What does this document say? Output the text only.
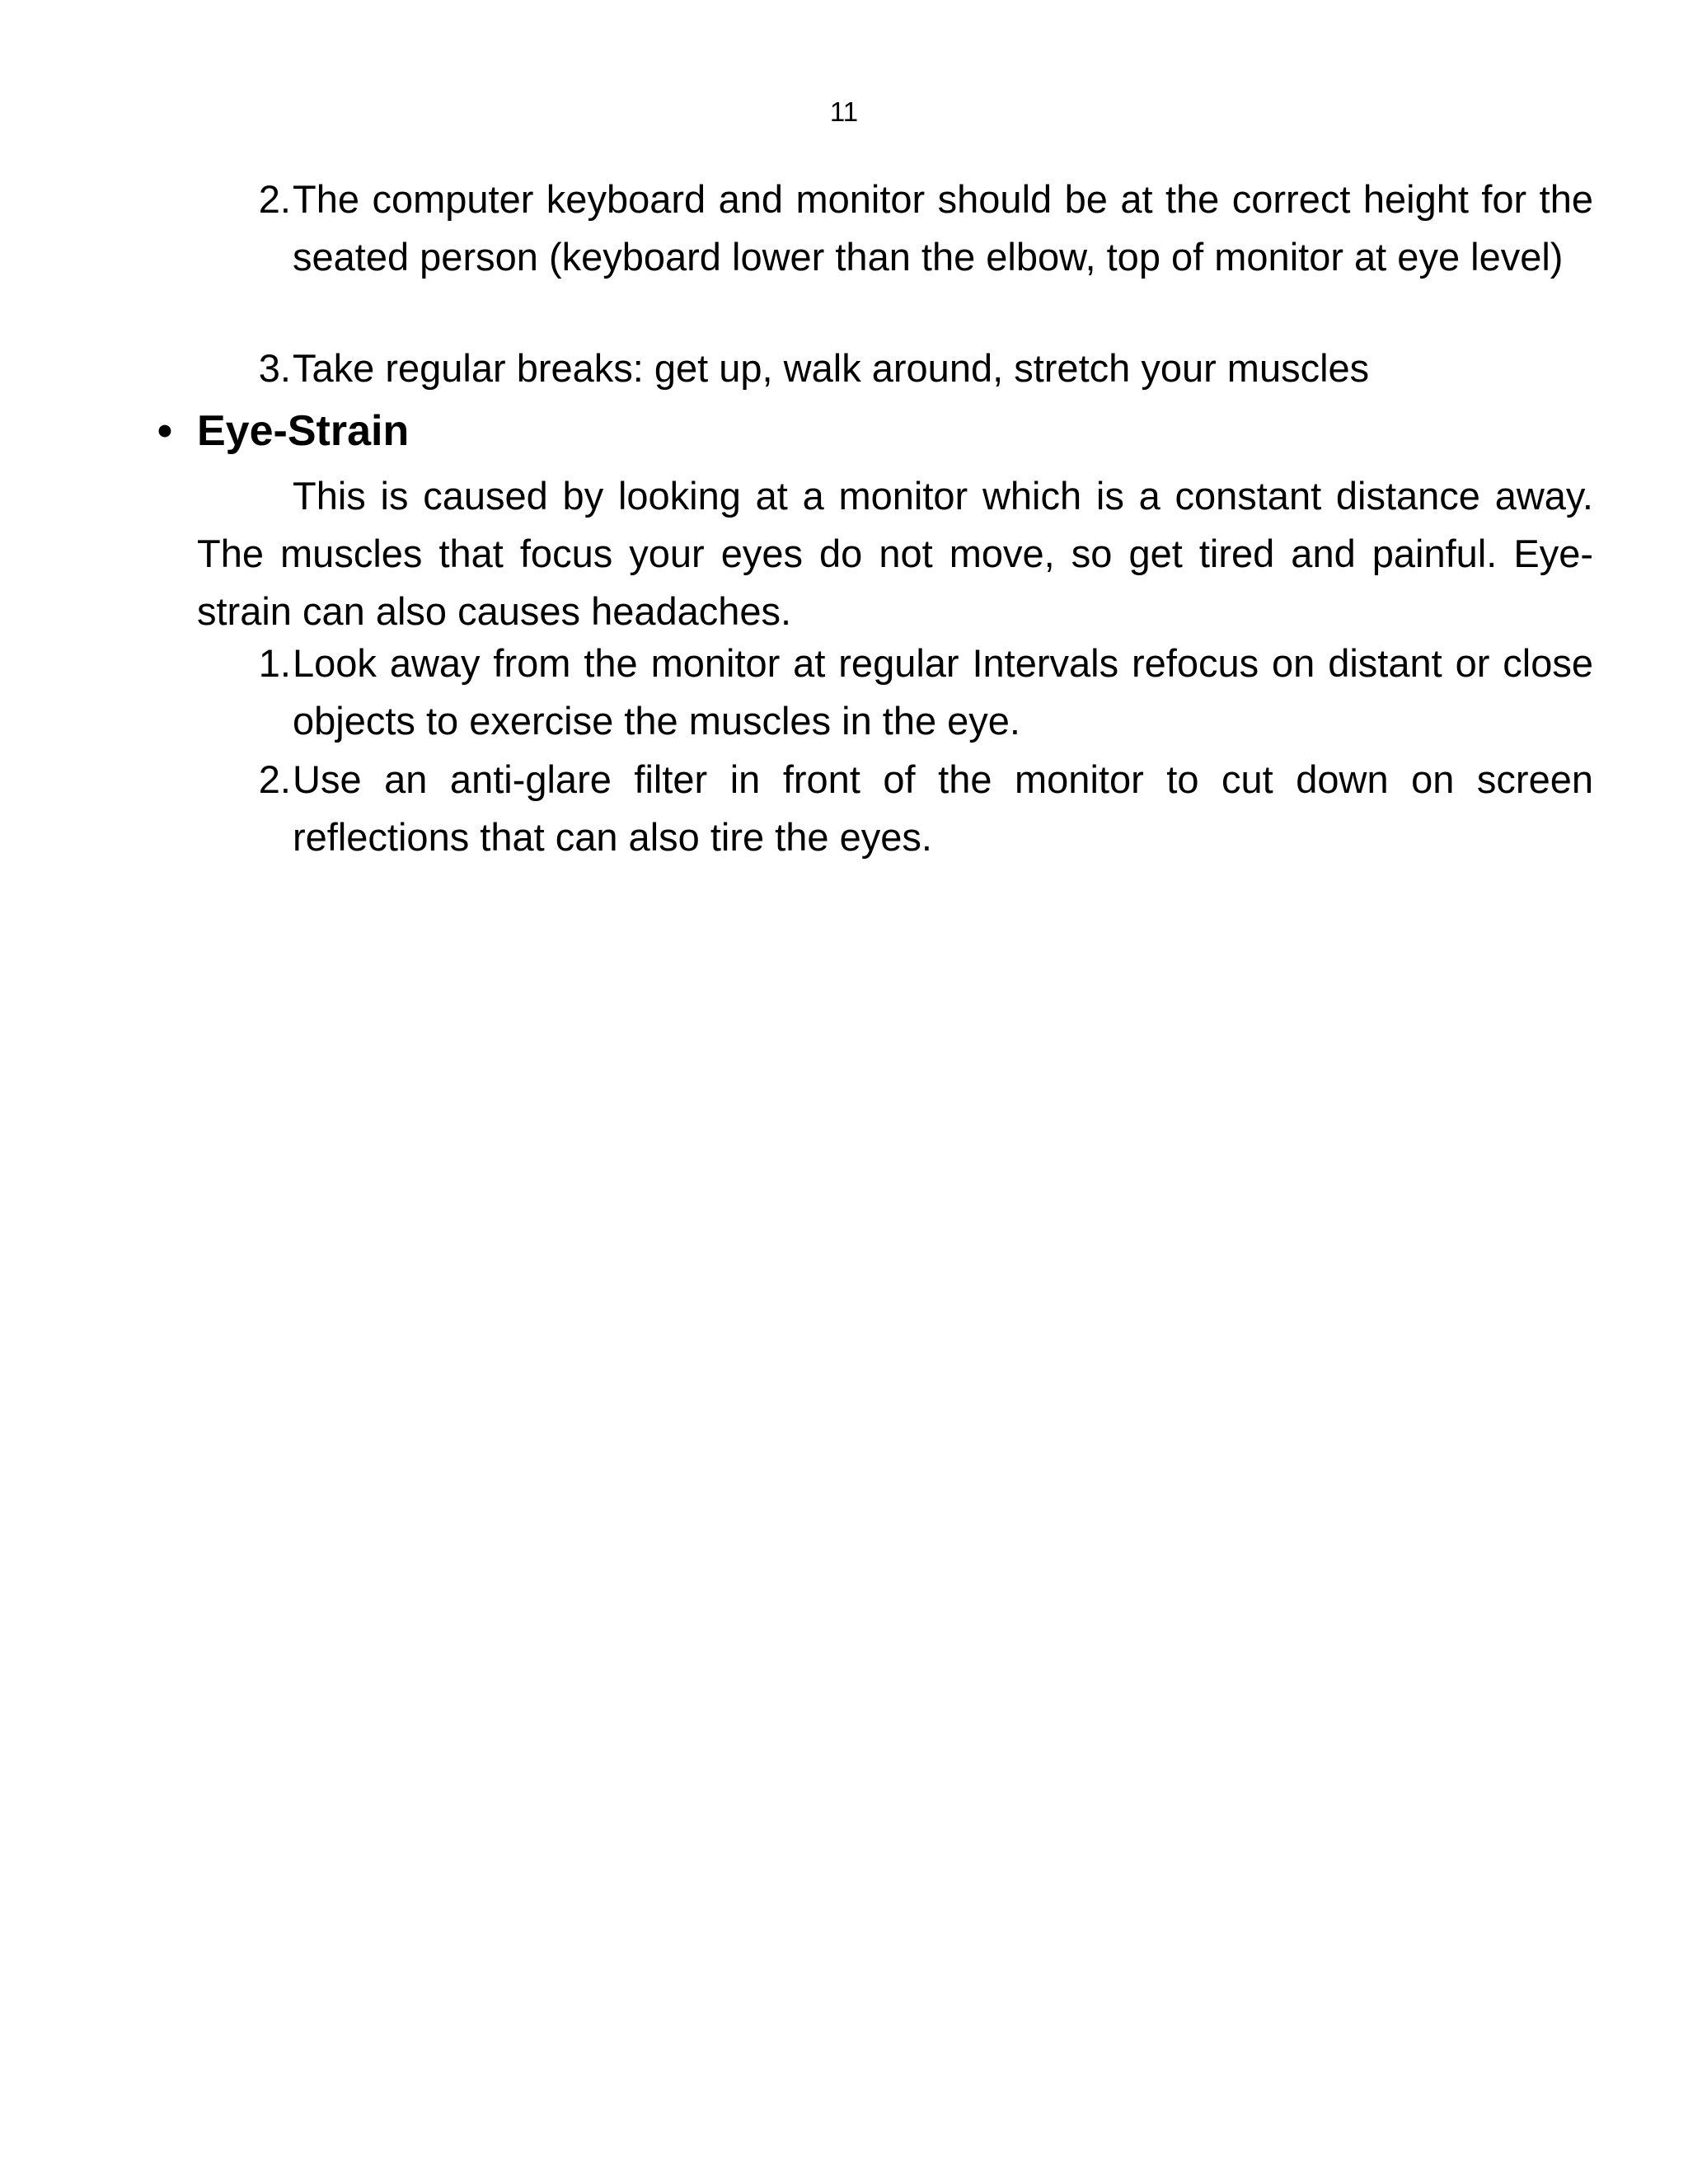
11
2. The computer keyboard and monitor should be at the correct height for the seated person (keyboard lower than the elbow, top of monitor at eye level)
3. Take regular breaks: get up, walk around, stretch your muscles
• Eye-Strain
This is caused by looking at a monitor which is a constant distance away. The muscles that focus your eyes do not move, so get tired and painful. Eye-strain can also causes headaches.
1. Look away from the monitor at regular Intervals refocus on distant or close objects to exercise the muscles in the eye.
2. Use an anti-glare filter in front of the monitor to cut down on screen reflections that can also tire the eyes.
